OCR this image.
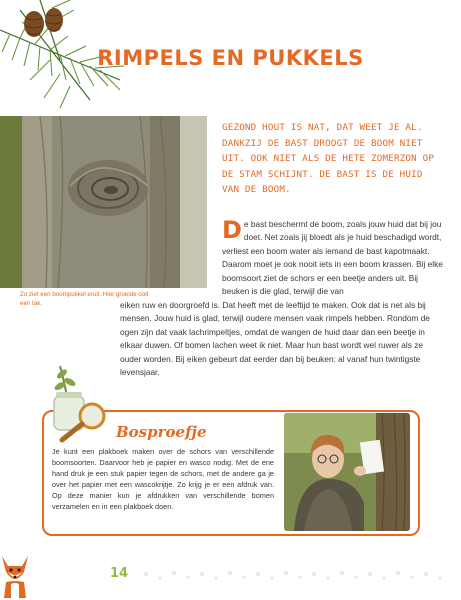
RIMPELS EN PUKKELS

Zo ziet een boompukkel eruit. Hier groeide ooit een tak.

GEZOND HOUT IS NAT, DAT WEET JE AL. DANKZIJ DE BAST DROOGT DE BOOM NIET UIT. OOK NIET ALS DE HETE ZOMERZON OP DE STAM SCHIJNT. DE BAST IS DE HUID VAN DE BOOM.

De bast beschermt de boom, zoals jouw huid dat bij jou doet. Net zoals jij bloedt als je huid beschadigd wordt, verliest een boom water als iemand de bast kapotmaakt. Daarom moet je ook nooit iets in een boom krassen. Bij elke boomsoort ziet de schors er een beetje anders uit. Bij beuken is die glad, terwijl die van

eiken ruw en doorgroefd is. Dat heeft met de leeftijd te maken. Ook dat is net als bij mensen. Jouw huid is glad, terwijl oudere mensen vaak rimpels hebben. Rondom de ogen zijn dat vaak lachrimpeltjes, omdat de wangen de huid daar dan een beetje in elkaar duwen. Of bomen lachen weet ik niet. Maar hun bast wordt wel ruwer als ze ouder worden. Bij eiken gebeurt dat eerder dan bij beuken: al vanaf hun twintigste levensjaar.

Bosproefje

Je kunt een plakboek maken over de schors van verschillende boomsoorten. Daarvoor heb je papier en wasco nodig. Met de ene hand druk je een stuk papier tegen de schors, met de andere ga je over het papier met een wascokrijtje. Zo krijg je er een afdruk van. Op deze manier kun je afdrukken van verschillende bomen verzamelen en in een plakboek doen.

14
